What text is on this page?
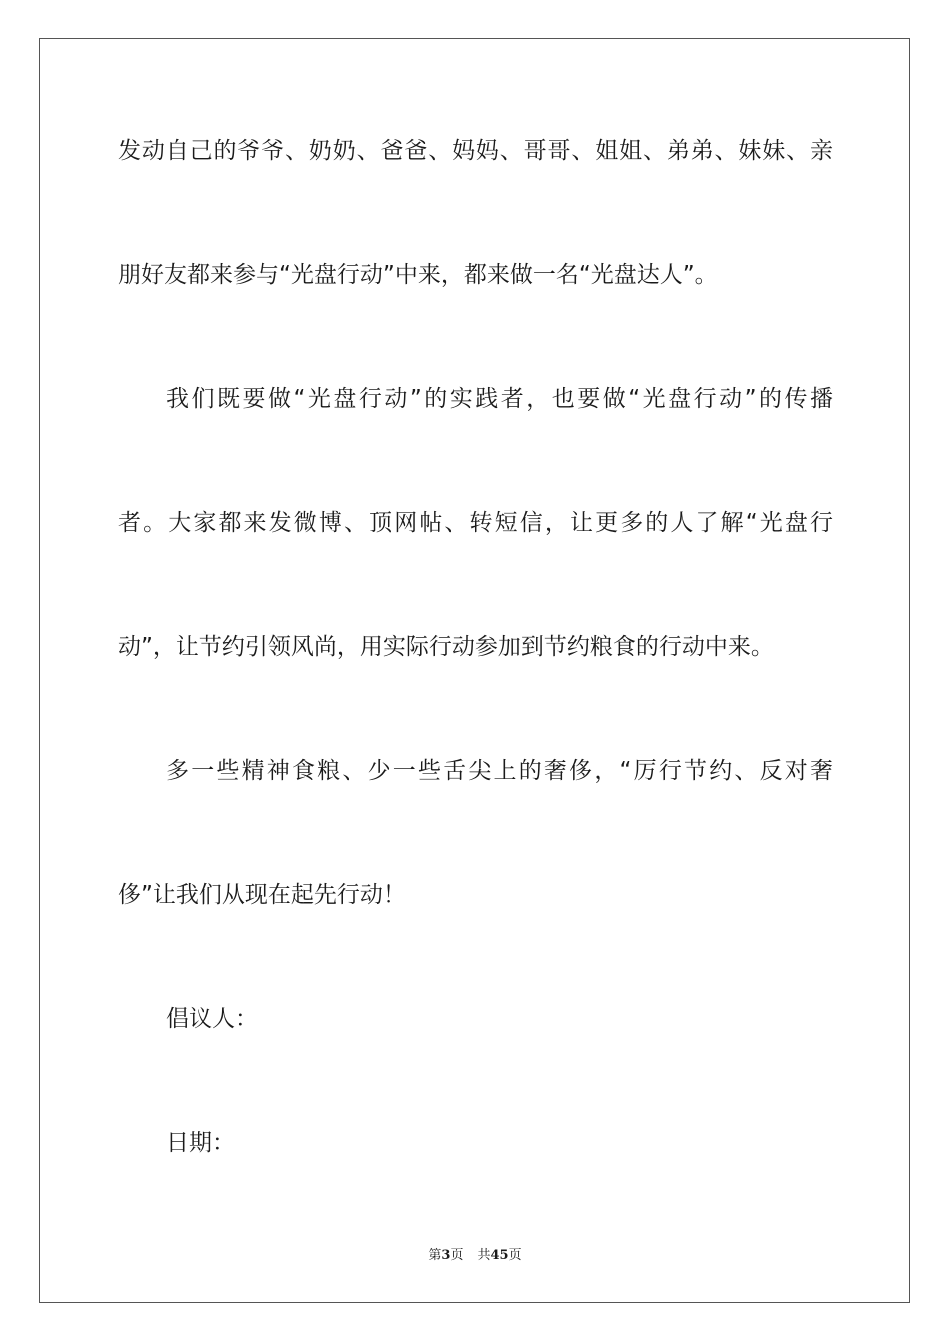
发动自己的爷爷、奶奶、爸爸、妈妈、哥哥、姐姐、弟弟、妹妹、亲
朋好友都来参与“光盘行动”中来，都来做一名“光盘达人”。
我们既要做“光盘行动”的实践者，也要做“光盘行动”的传播
者。大家都来发微博、顶网帖、转短信，让更多的人了解“光盘行
动”，让节约引领风尚，用实际行动参加到节约粮食的行动中来。
多一些精神食粮、少一些舌尖上的奢侈，“厉行节约、反对奢
侈”让我们从现在起先行动！
倡议人：
日期：
第3页 共45页
